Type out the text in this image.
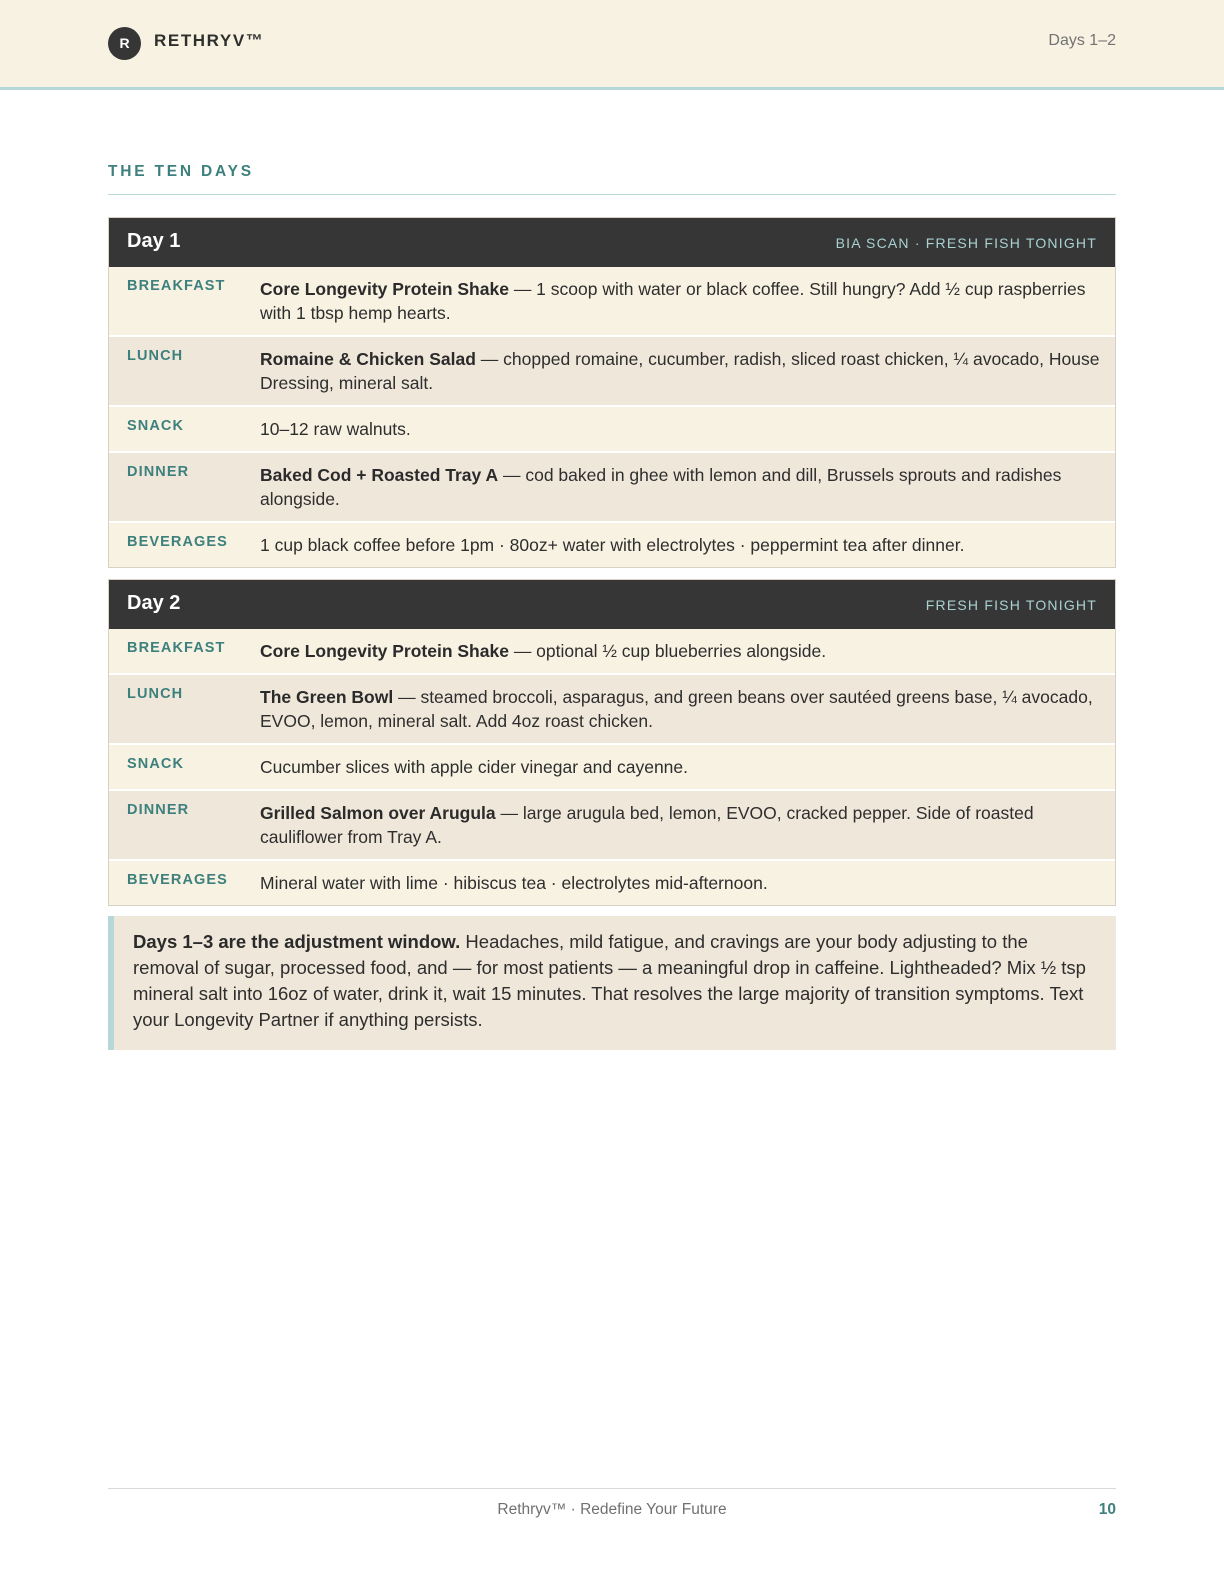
R	RETHRYV™	Days 1–2
THE TEN DAYS
Day 1	BIA SCAN · FRESH FISH TONIGHT
BREAKFAST	Core Longevity Protein Shake — 1 scoop with water or black coffee. Still hungry? Add ½ cup raspberries with 1 tbsp hemp hearts.
LUNCH	Romaine & Chicken Salad — chopped romaine, cucumber, radish, sliced roast chicken, ¼ avocado, House Dressing, mineral salt.
SNACK	10–12 raw walnuts.
DINNER	Baked Cod + Roasted Tray A — cod baked in ghee with lemon and dill, Brussels sprouts and radishes alongside.
BEVERAGES	1 cup black coffee before 1pm · 80oz+ water with electrolytes · peppermint tea after dinner.
Day 2	FRESH FISH TONIGHT
BREAKFAST	Core Longevity Protein Shake — optional ½ cup blueberries alongside.
LUNCH	The Green Bowl — steamed broccoli, asparagus, and green beans over sautéed greens base, ¼ avocado, EVOO, lemon, mineral salt. Add 4oz roast chicken.
SNACK	Cucumber slices with apple cider vinegar and cayenne.
DINNER	Grilled Salmon over Arugula — large arugula bed, lemon, EVOO, cracked pepper. Side of roasted cauliflower from Tray A.
BEVERAGES	Mineral water with lime · hibiscus tea · electrolytes mid-afternoon.
Days 1–3 are the adjustment window. Headaches, mild fatigue, and cravings are your body adjusting to the removal of sugar, processed food, and — for most patients — a meaningful drop in caffeine. Lightheaded? Mix ½ tsp mineral salt into 16oz of water, drink it, wait 15 minutes. That resolves the large majority of transition symptoms. Text your Longevity Partner if anything persists.
Rethryv™ · Redefine Your Future	10
